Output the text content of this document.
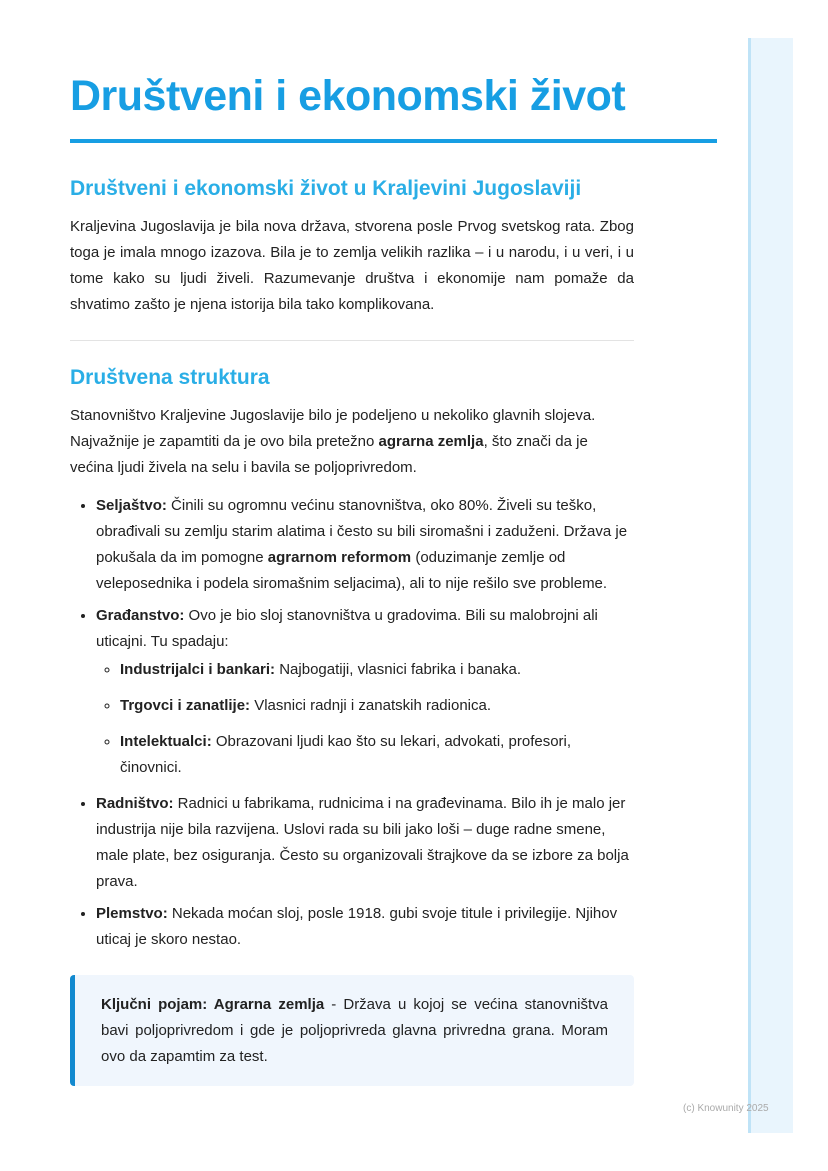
Društveni i ekonomski život
Društveni i ekonomski život u Kraljevini Jugoslaviji

Kraljevina Jugoslavija je bila nova država, stvorena posle Prvog svetskog rata. Zbog toga je imala mnogo izazova. Bila je to zemlja velikih razlika – i u narodu, i u veri, i u tome kako su ljudi živeli. Razumevanje društva i ekonomije nam pomaže da shvatimo zašto je njena istorija bila tako komplikovana.

Društvena struktura

Stanovništvo Kraljevine Jugoslavije bilo je podeljeno u nekoliko glavnih slojeva. Najvažnije je zapamtiti da je ovo bila pretežno agrarna zemlja, što znači da je većina ljudi živela na selu i bavila se poljoprivredom.

• Seljaštvo: Činili su ogromnu većinu stanovništva, oko 80%. Živeli su teško, obrađivali su zemlju starim alatima i često su bili siromašni i zaduženi. Država je pokušala da im pomogne agrarnom reformom (oduzimanje zemlje od veleposednika i podela siromašnim seljacima), ali to nije rešilo sve probleme.
• Građanstvo: Ovo je bio sloj stanovništva u gradovima. Bili su malobrojni ali uticajni. Tu spadaju:
◦ Industrijalci i bankari: Najbogatiji, vlasnici fabrika i banaka.
◦ Trgovci i zanatlije: Vlasnici radnji i zanatskih radionica.
◦ Intelektualci: Obrazovani ljudi kao što su lekari, advokati, profesori, činovnici.
• Radništvo: Radnici u fabrikama, rudnicima i na građevinama. Bilo ih je malo jer industrija nije bila razvijena. Uslovi rada su bili jako loši – duge radne smene, male plate, bez osiguranja. Često su organizovali štrajkove da se izbore za bolja prava.
• Plemstvo: Nekada moćan sloj, posle 1918. gubi svoje titule i privilegije. Njihov uticaj je skoro nestao.

Ključni pojam: Agrarna zemlja - Država u kojoj se većina stanovništva bavi poljoprivredom i gde je poljoprivreda glavna privredna grana. Moram ovo da zapamtim za test.

(c) Knowunity 2025
